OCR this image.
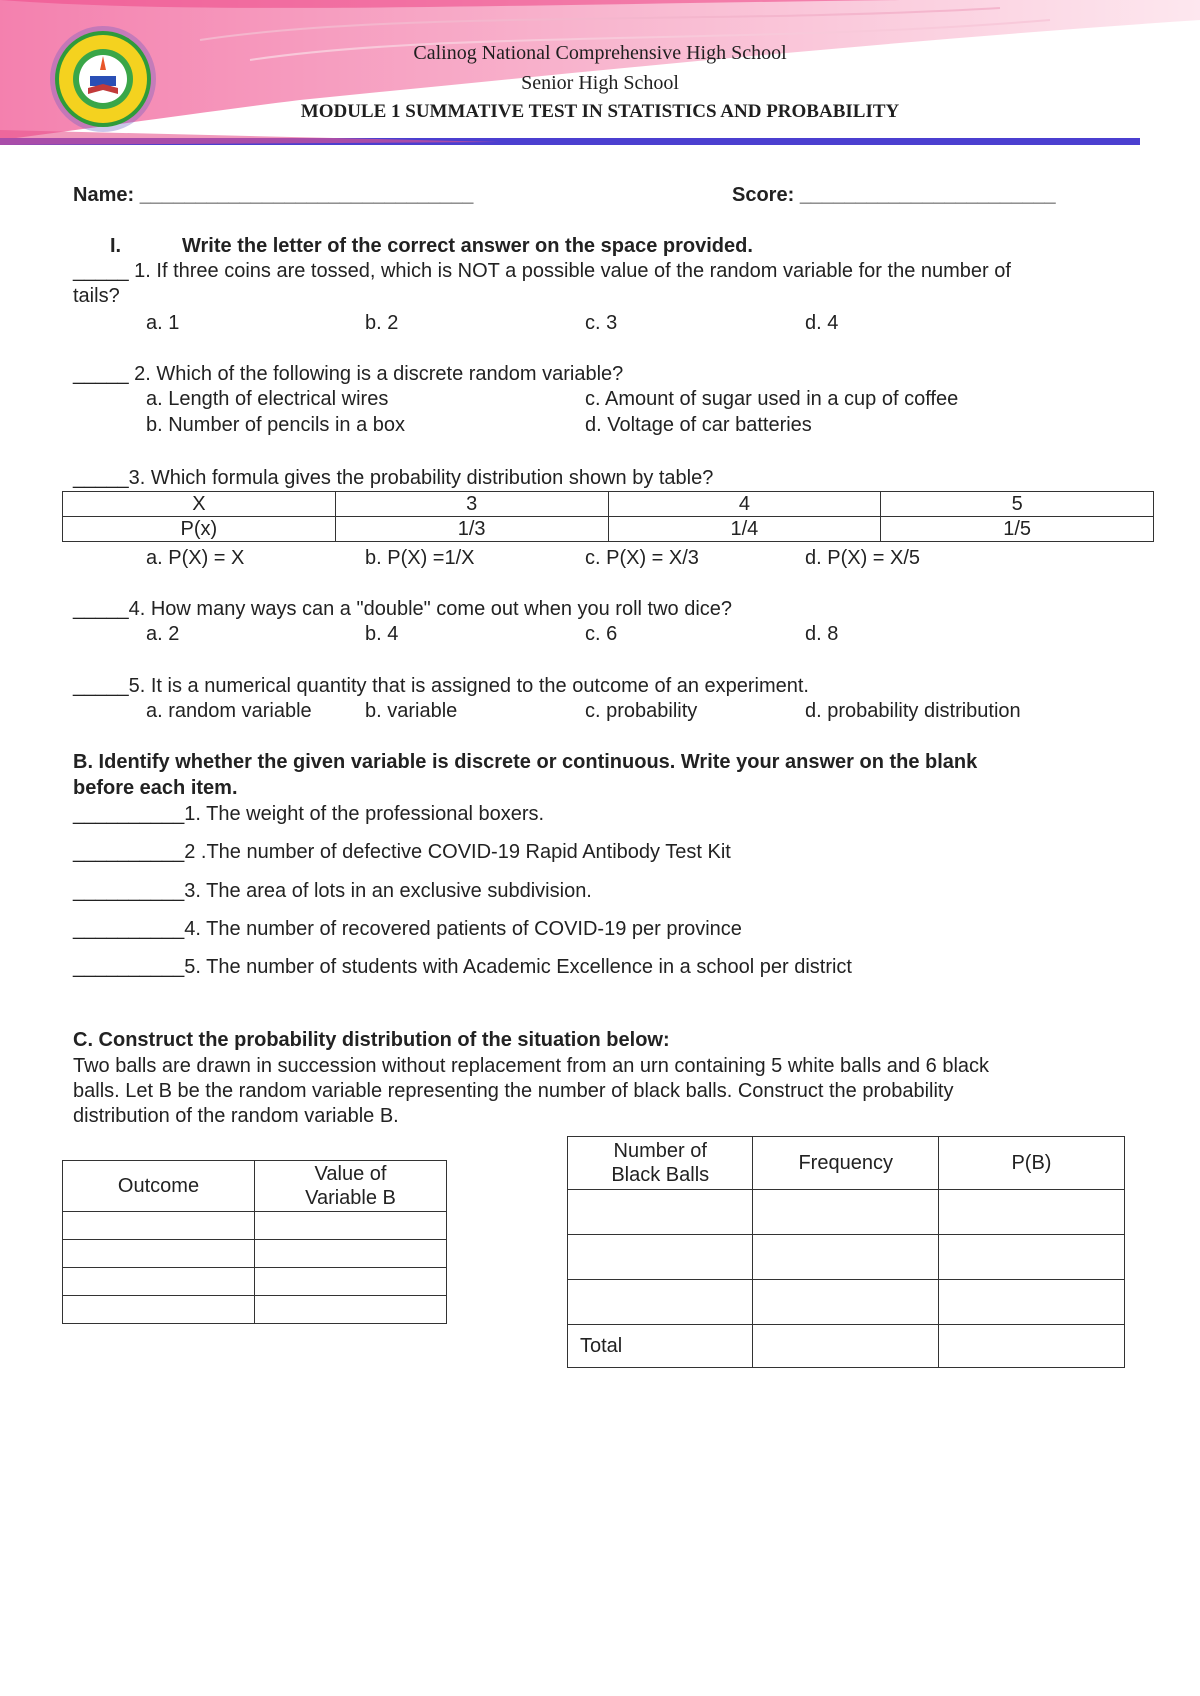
Calinog National Comprehensive High School
Senior High School
MODULE 1 SUMMATIVE TEST IN STATISTICS AND PROBABILITY
Name: ______________________________	Score: _______________________
I.	Write the letter of the correct answer on the space provided.
_____ 1. If three coins are tossed, which is NOT a possible value of the random variable for the number of
tails?
a. 1	b. 2	c. 3	d. 4
_____ 2. Which of the following is a discrete random variable?
a. Length of electrical wires	c. Amount of sugar used in a cup of coffee
b. Number of pencils in a box	d. Voltage of car batteries
_____3. Which formula gives the probability distribution shown by table?
X	3	4	5
P(x)	1/3	1/4	1/5
a. P(X) = X	b. P(X) =1/X	c. P(X) = X/3	d. P(X) = X/5
_____4. How many ways can a "double" come out when you roll two dice?
a. 2	b. 4	c. 6	d. 8
_____5. It is a numerical quantity that is assigned to the outcome of an experiment.
a. random variable	b. variable	c. probability	d. probability distribution
B. Identify whether the given variable is discrete or continuous. Write your answer on the blank
before each item.
__________1. The weight of the professional boxers.
__________2 .The number of defective COVID-19 Rapid Antibody Test Kit
__________3. The area of lots in an exclusive subdivision.
__________4. The number of recovered patients of COVID-19 per province
__________5. The number of students with Academic Excellence in a school per district
C. Construct the probability distribution of the situation below:
Two balls are drawn in succession without replacement from an urn containing 5 white balls and 6 black
balls. Let B be the random variable representing the number of black balls. Construct the probability
distribution of the random variable B.
Outcome	Value of
Variable B

Number of
Black Balls	Frequency	P(B)

Total		
